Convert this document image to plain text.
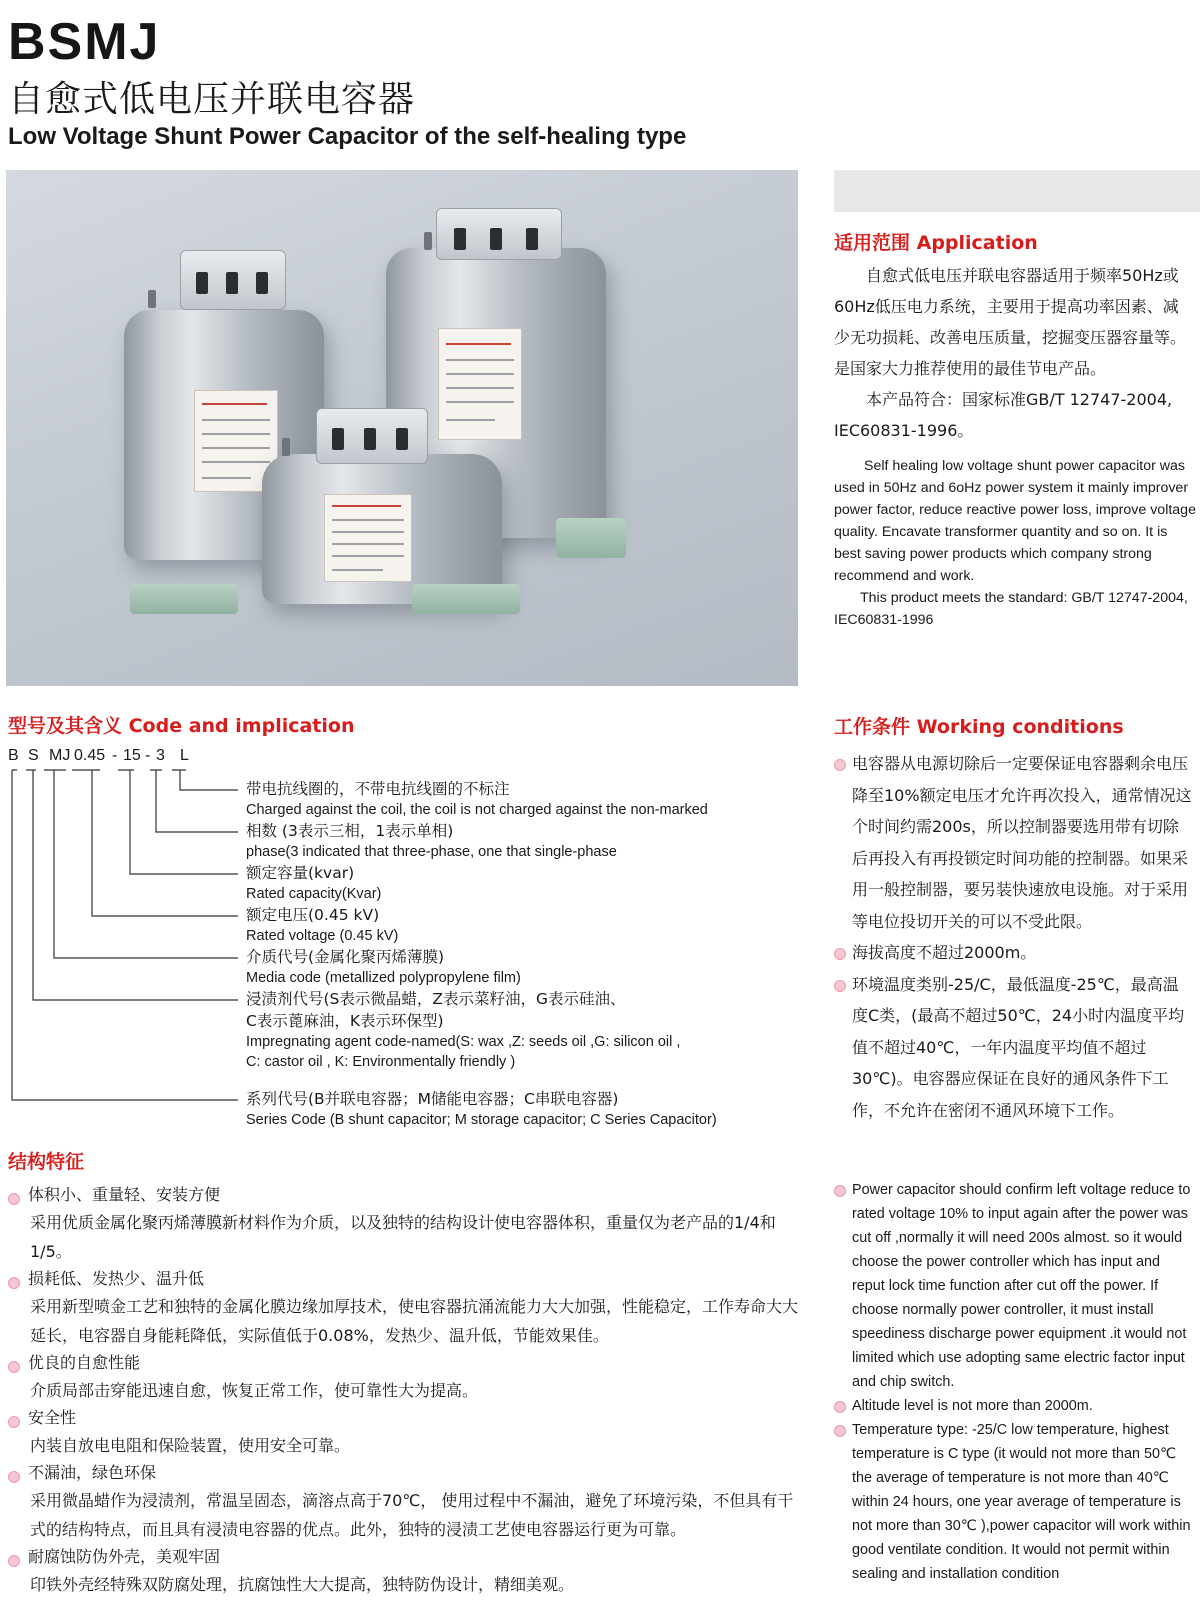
BSMJ
自愈式低电压并联电容器
Low Voltage Shunt Power Capacitor of the self-healing type
适用范围 Application
自愈式低电压并联电容器适用于频率50Hz或60Hz低压电力系统，主要用于提高功率因素、减少无功损耗、改善电压质量，挖掘变压器容量等。是国家大力推荐使用的最佳节电产品。
本产品符合：国家标准GB/T 12747-2004, IEC60831-1996。
Self healing low voltage shunt power capacitor was used in 50Hz and 6oHz power system it mainly improver power factor, reduce reactive power loss, improve voltage quality. Encavate transformer quantity and so on. It is best saving power products which company strong recommend and work.
This product meets the standard: GB/T 12747-2004, IEC60831-1996
型号及其含义 Code and implication
B S MJ 0.45 - 15 - 3 L
带电抗线圈的，不带电抗线圈的不标注
Charged against the coil, the coil is not charged against the non-marked
相数 (3表示三相，1表示单相)
phase(3 indicated that three-phase, one that single-phase
额定容量(kvar)
Rated capacity(Kvar)
额定电压(0.45 kV)
Rated voltage (0.45 kV)
介质代号(金属化聚丙烯薄膜)
Media code (metallized polypropylene film)
浸渍剂代号(S表示微晶蜡，Z表示菜籽油，G表示硅油、
C表示蓖麻油，K表示环保型)
Impregnating agent code-named(S: wax ,Z: seeds oil ,G: silicon oil ,
C: castor oil , K: Environmentally friendly )
系列代号(B并联电容器；M储能电容器；C串联电容器)
Series Code (B shunt capacitor; M storage capacitor; C Series Capacitor)
结构特征
体积小、重量轻、安装方便
采用优质金属化聚丙烯薄膜新材料作为介质，以及独特的结构设计使电容器体积，重量仅为老产品的1/4和1/5。
损耗低、发热少、温升低
采用新型喷金工艺和独特的金属化膜边缘加厚技术，使电容器抗涌流能力大大加强，性能稳定，工作寿命大大延长，电容器自身能耗降低，实际值低于0.08%，发热少、温升低，节能效果佳。
优良的自愈性能
介质局部击穿能迅速自愈，恢复正常工作，使可靠性大为提高。
安全性
内装自放电电阻和保险装置，使用安全可靠。
不漏油，绿色环保
采用微晶蜡作为浸渍剂，常温呈固态，滴溶点高于70℃， 使用过程中不漏油，避免了环境污染，不但具有干式的结构特点，而且具有浸渍电容器的优点。此外，独特的浸渍工艺使电容器运行更为可靠。
耐腐蚀防伪外壳，美观牢固
印铁外壳经特殊双防腐处理，抗腐蚀性大大提高，独特防伪设计，精细美观。
工作条件 Working conditions
电容器从电源切除后一定要保证电容器剩余电压降至10%额定电压才允许再次投入，通常情况这个时间约需200s，所以控制器要选用带有切除后再投入有再投锁定时间功能的控制器。如果采用一般控制器，要另装快速放电设施。对于采用等电位投切开关的可以不受此限。
海拔高度不超过2000m。
环境温度类别-25/C，最低温度-25℃，最高温度C类，(最高不超过50℃，24小时内温度平均值不超过40℃，一年内温度平均值不超过30℃)。电容器应保证在良好的通风条件下工作，不允许在密闭不通风环境下工作。
Power capacitor should confirm left voltage reduce to rated voltage 10% to input again after the power was cut off ,normally it will need 200s almost. so it would choose the power controller which has input and reput lock time function after cut off the power. If choose normally power controller, it must install speediness discharge power equipment .it would not limited which use adopting same electric factor input and chip switch.
Altitude level is not more than 2000m.
Temperature type: -25/C low temperature, highest temperature is C type (it would not more than 50℃ the average of temperature is not more than 40℃ within 24 hours, one year average of temperature is not more than 30℃ ),power capacitor will work within good ventilate condition. It would not permit within sealing and installation condition
